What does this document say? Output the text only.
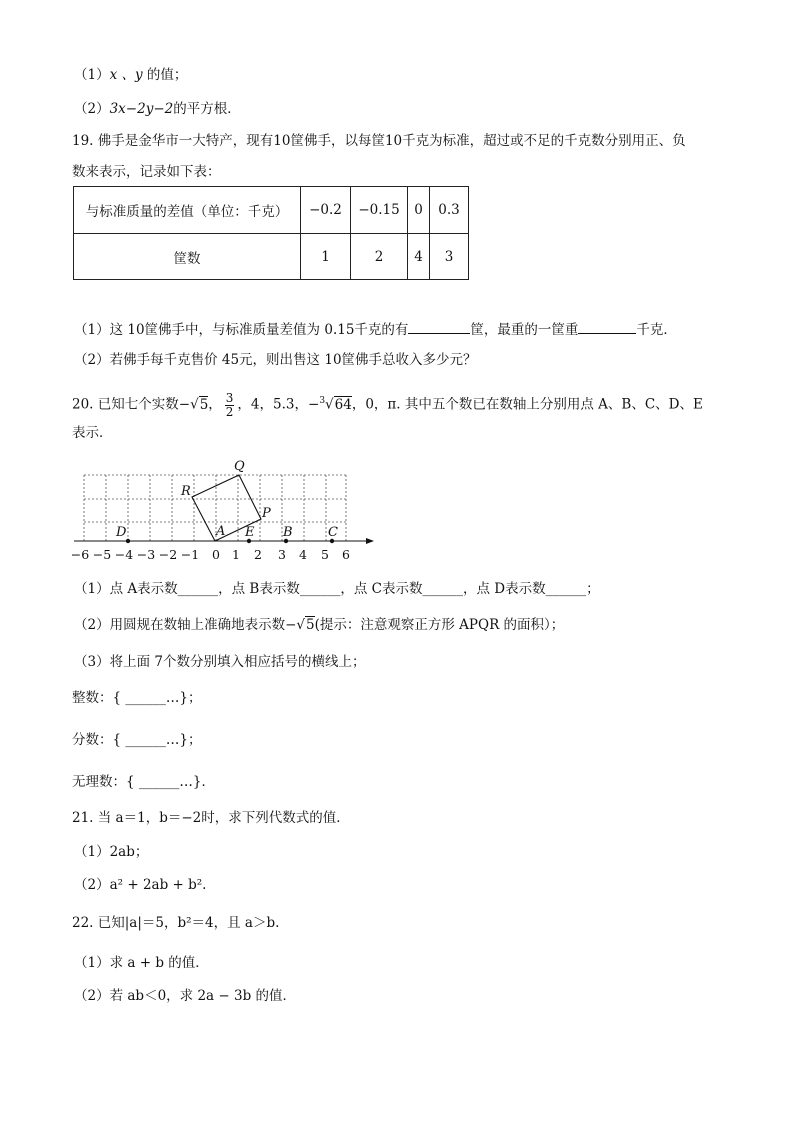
（1）x 、y 的值；
（2）3x−2y−2的平方根．
19. 佛手是金华市一大特产，现有10筐佛手，以每筐10千克为标准，超过或不足的千克数分别用正、负
数来表示，记录如下表：
与标准质量的差值（单位：千克）	−0.2	−0.15	0	0.3
筐数	1	2	4	3
（1）这 10筐佛手中，与标准质量差值为 0.15千克的有	筐，最重的一筐重	千克．
（2）若佛手每千克售价 45元，则出售这 10筐佛手总收入多少元？
20. 已知七个实数−√5， $\frac{3}{2}$ ，4，5.3，−$^3$√64，0，π. 其中五个数已在数轴上分别用点 A、B、C、D、E
表示．
Q
R
P
A E B	C
D
−6 −5 −4 −3 −2 −1 0 1 2 3 4 5 6
（1）点 A表示数______，点 B表示数______，点 C表示数______，点 D表示数______；
（2）用圆规在数轴上准确地表示数−√5(提示：注意观察正方形 APQR 的面积）；
（3）将上面 7个数分别填入相应括号的横线上；
整数：{ ______…}；
分数：{ ______…}；
无理数：{ ______…}．
21. 当 a＝1，b＝−2时，求下列代数式的值．
（1）2ab；
（2）a² + 2ab + b².
22. 已知|a|＝5，b²＝4，且 a＞b.
（1）求 a + b 的值．
（2）若 ab＜0，求 2a − 3b 的值．
